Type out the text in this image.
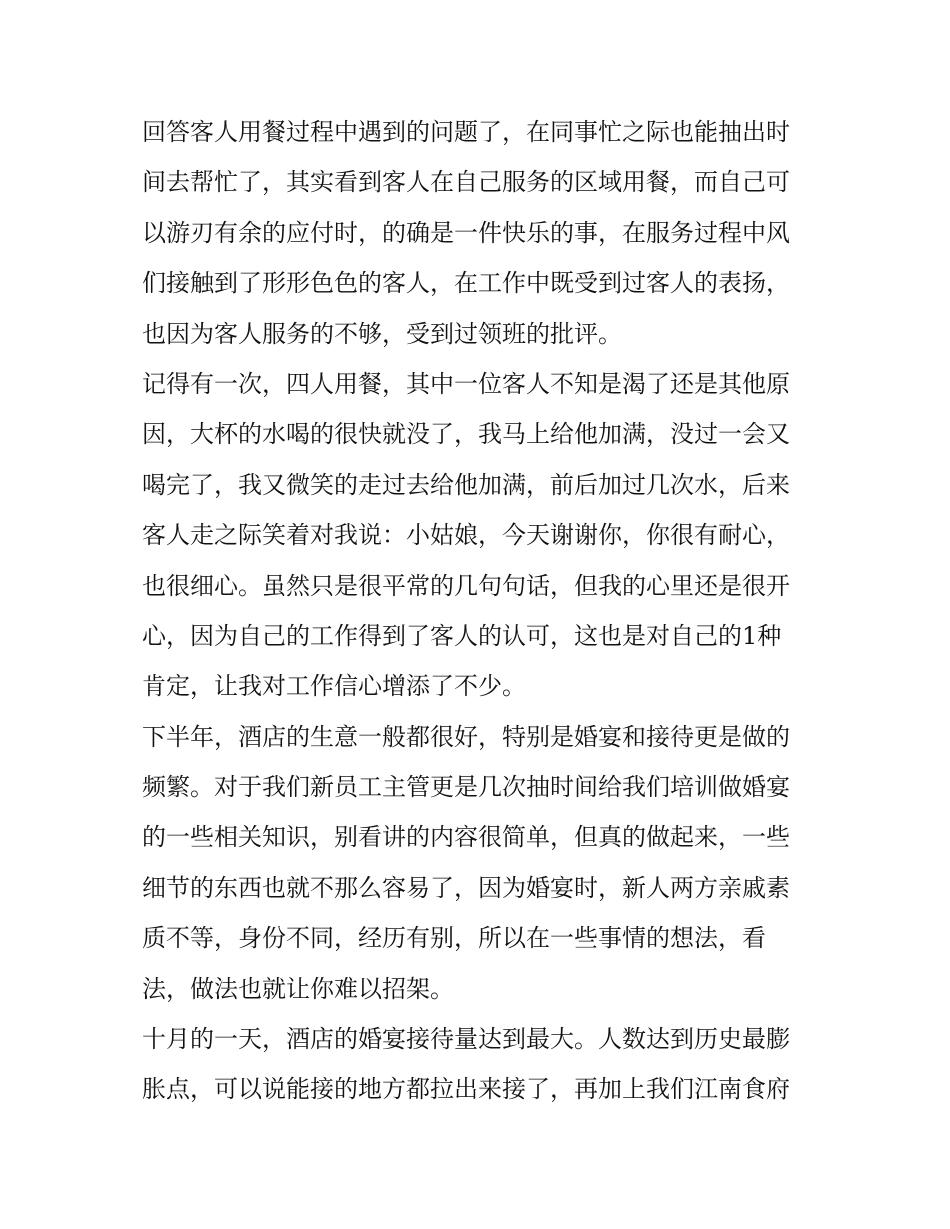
回答客人用餐过程中遇到的问题了，在同事忙之际也能抽出时
间去帮忙了，其实看到客人在自己服务的区域用餐，而自己可
以游刃有余的应付时，的确是一件快乐的事，在服务过程中风
们接触到了形形色色的客人，在工作中既受到过客人的表扬，
也因为客人服务的不够，受到过领班的批评。
记得有一次，四人用餐，其中一位客人不知是渴了还是其他原
因，大杯的水喝的很快就没了，我马上给他加满，没过一会又
喝完了，我又微笑的走过去给他加满，前后加过几次水，后来
客人走之际笑着对我说：小姑娘，今天谢谢你，你很有耐心，
也很细心。虽然只是很平常的几句句话，但我的心里还是很开
心，因为自己的工作得到了客人的认可，这也是对自己的1种
肯定，让我对工作信心增添了不少。
下半年，酒店的生意一般都很好，特别是婚宴和接待更是做的
频繁。对于我们新员工主管更是几次抽时间给我们培训做婚宴
的一些相关知识，别看讲的内容很简单，但真的做起来，一些
细节的东西也就不那么容易了，因为婚宴时，新人两方亲戚素
质不等，身份不同，经历有别，所以在一些事情的想法，看
法，做法也就让你难以招架。
十月的一天，酒店的婚宴接待量达到最大。人数达到历史最膨
胀点，可以说能接的地方都拉出来接了，再加上我们江南食府
